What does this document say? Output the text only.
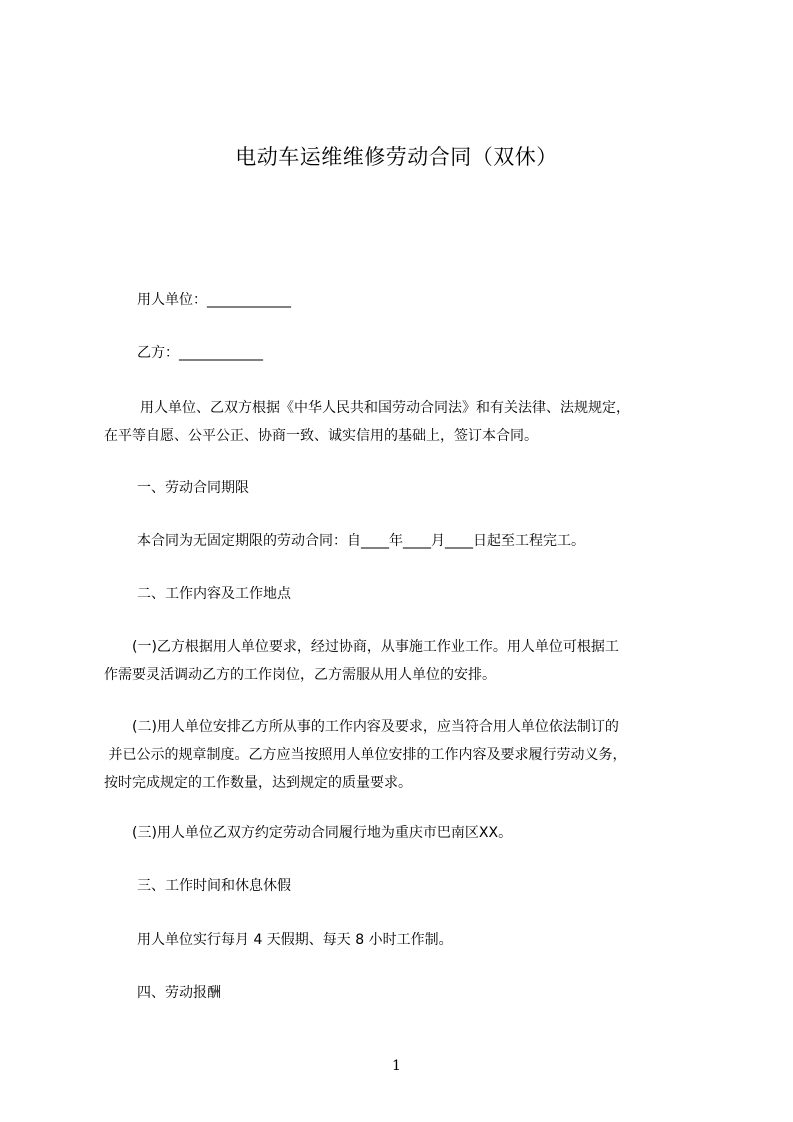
电动车运维维修劳动合同（双休）
用人单位：____________
乙方：____________
用人单位、乙双方根据《中华人民共和国劳动合同法》和有关法律、法规规定，
在平等自愿、公平公正、协商一致、诚实信用的基础上，签订本合同。
一、劳动合同期限
本合同为无固定期限的劳动合同：自____年____月____日起至工程完工。
二、工作内容及工作地点
(一)乙方根据用人单位要求，经过协商，从事施工作业工作。用人单位可根据工
作需要灵活调动乙方的工作岗位，乙方需服从用人单位的安排。
(二)用人单位安排乙方所从事的工作内容及要求，应当符合用人单位依法制订的
并已公示的规章制度。乙方应当按照用人单位安排的工作内容及要求履行劳动义务，
按时完成规定的工作数量，达到规定的质量要求。
(三)用人单位乙双方约定劳动合同履行地为重庆市巴南区XX。
三、工作时间和休息休假
用人单位实行每月 4 天假期、每天 8 小时工作制。
四、劳动报酬
1
